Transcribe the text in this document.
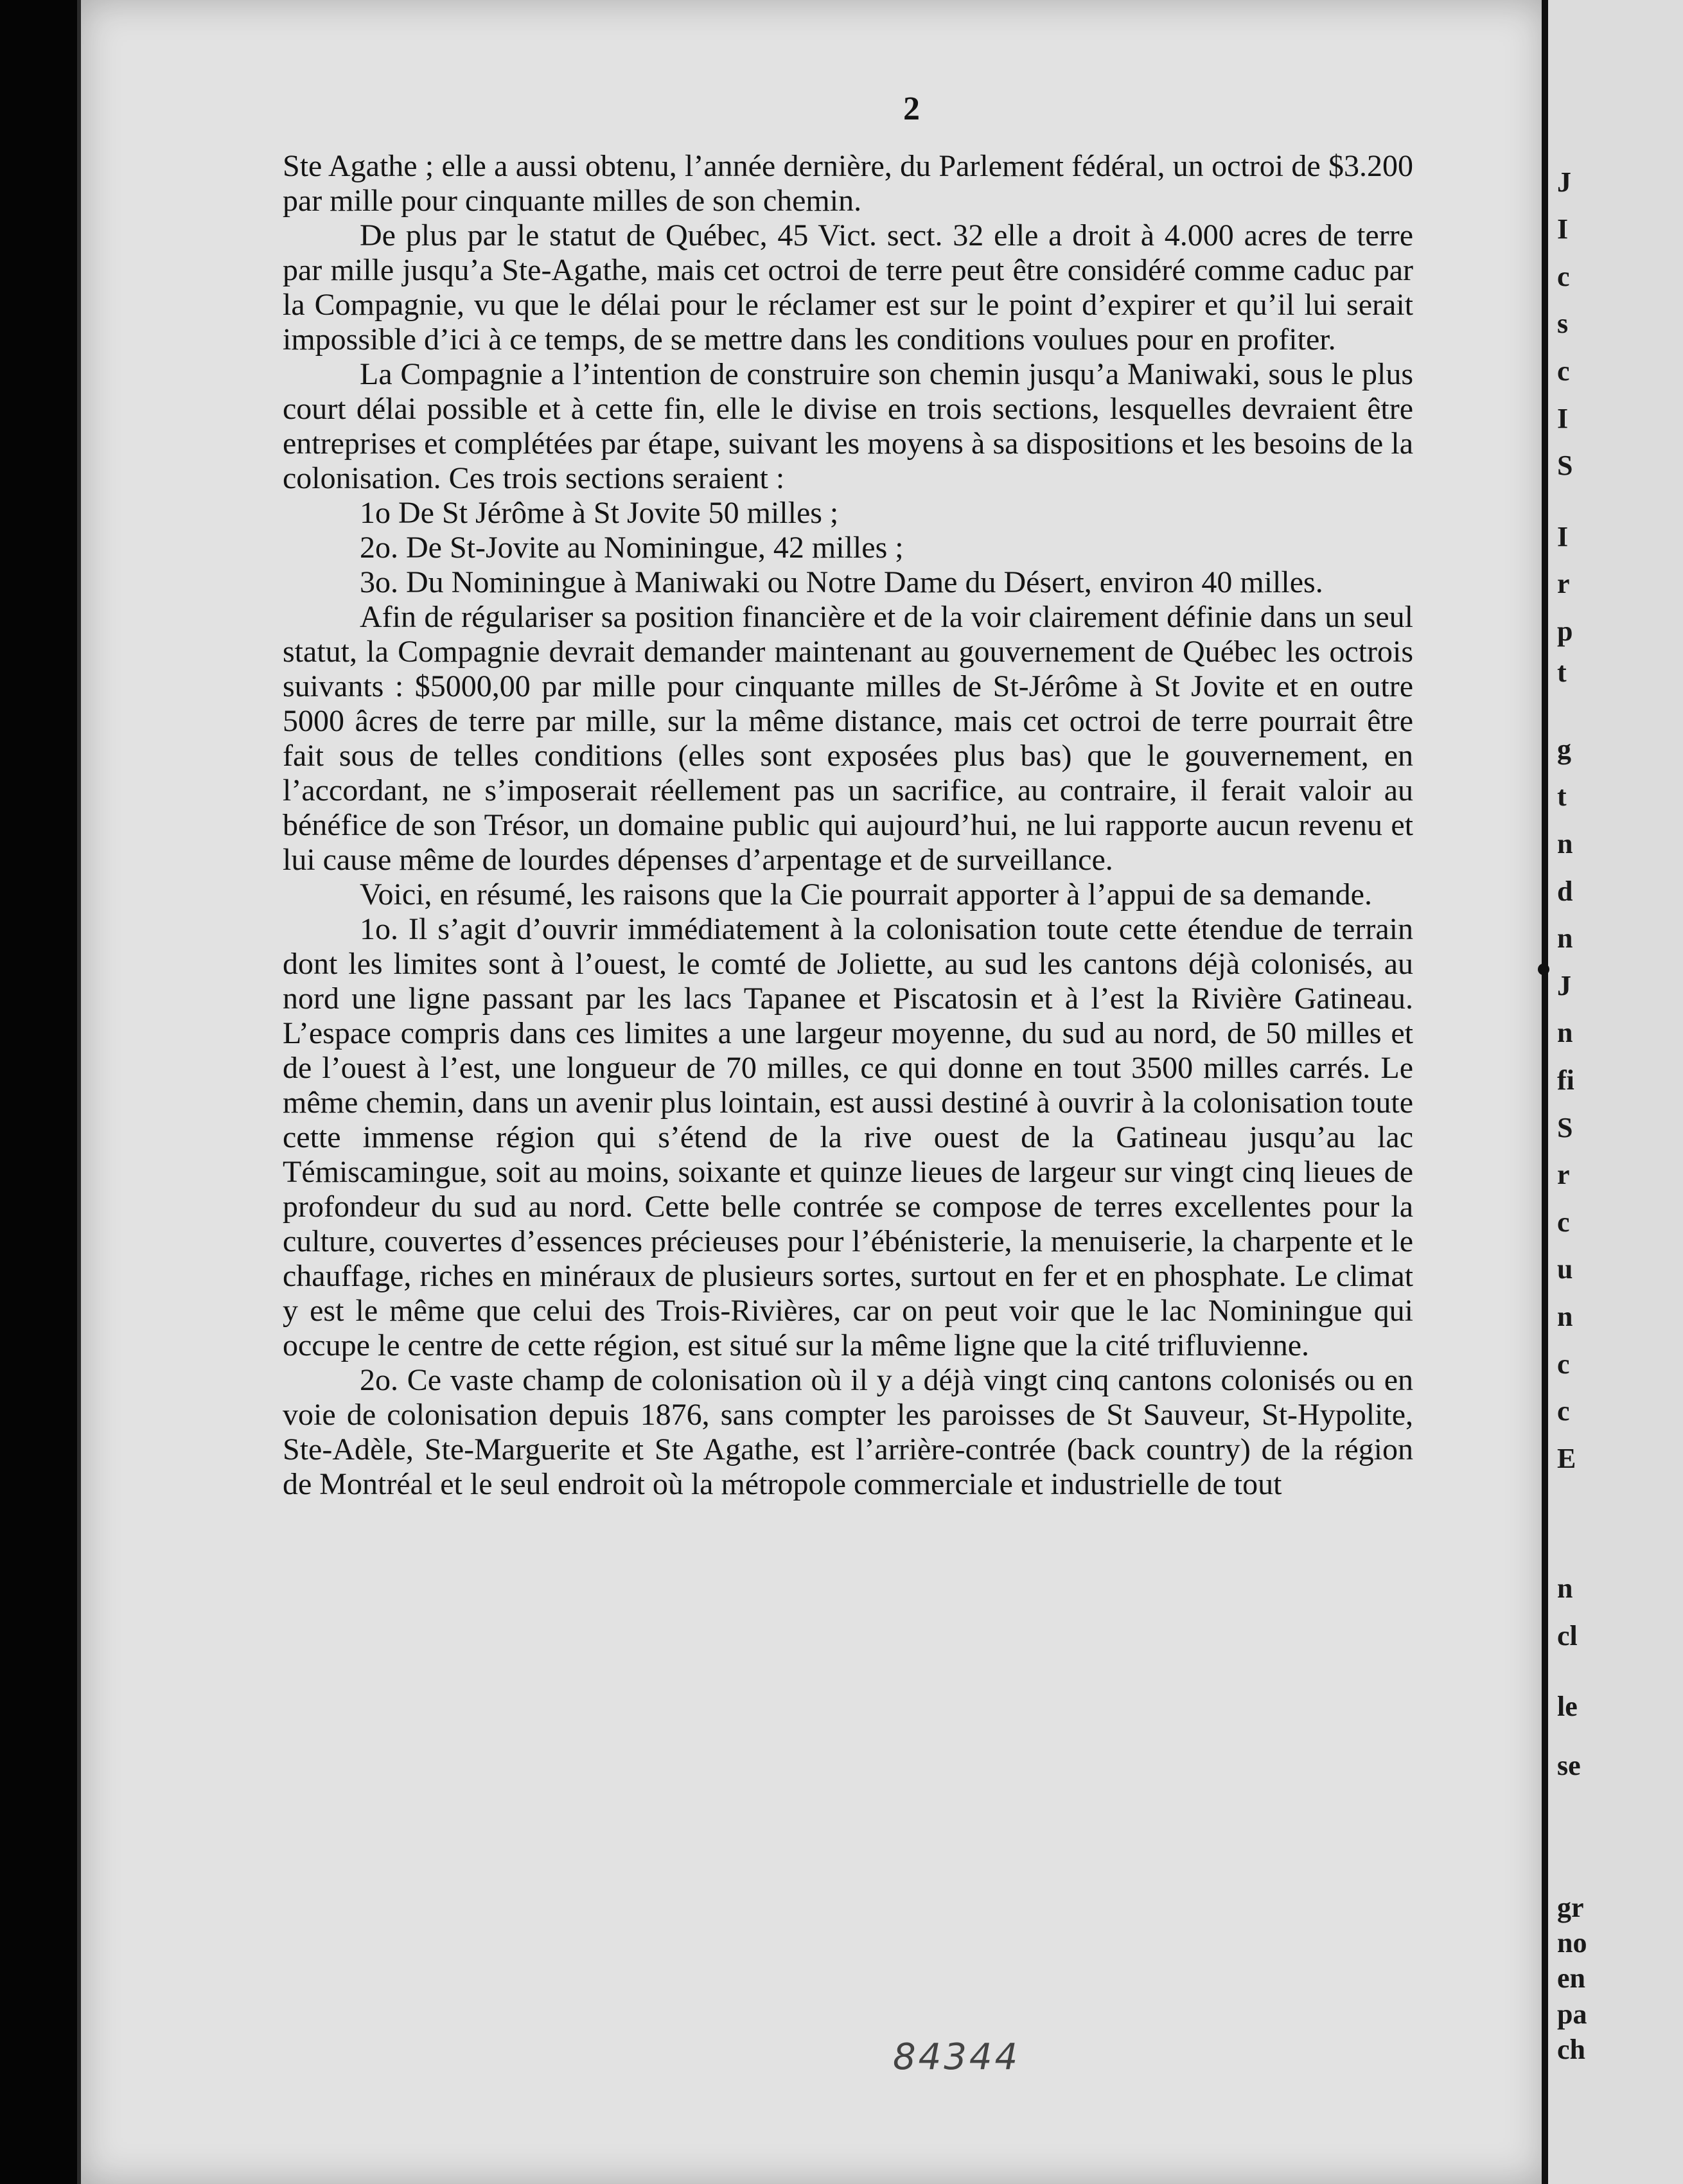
2

Ste Agathe ; elle a aussi obtenu, l’année dernière, du Parlement fédéral, un octroi de $3.200 par mille pour cinquante milles de son chemin.

De plus par le statut de Québec, 45 Vict. sect. 32 elle a droit à 4.000 acres de terre par mille jusqu’a Ste-Agathe, mais cet octroi de terre peut être considéré comme caduc par la Compagnie, vu que le délai pour le réclamer est sur le point d’expirer et qu’il lui serait impossible d’ici à ce temps, de se mettre dans les conditions voulues pour en profiter.

La Compagnie a l’intention de construire son chemin jusqu’a Maniwaki, sous le plus court délai possible et à cette fin, elle le divise en trois sections, lesquelles devraient être entreprises et complétées par étape, suivant les moyens à sa dispositions et les besoins de la colonisation. Ces trois sections seraient :

1o De St Jérôme à St Jovite 50 milles ;

2o. De St-Jovite au Nominingue, 42 milles ;

3o. Du Nominingue à Maniwaki ou Notre Dame du Désert, environ 40 milles.

Afin de régulariser sa position financière et de la voir clairement définie dans un seul statut, la Compagnie devrait demander maintenant au gouvernement de Québec les octrois suivants : $5000,00 par mille pour cinquante milles de St-Jérôme à St Jovite et en outre 5000 âcres de terre par mille, sur la même distance, mais cet octroi de terre pourrait être fait sous de telles conditions (elles sont exposées plus bas) que le gouvernement, en l’accordant, ne s’imposerait réellement pas un sacrifice, au contraire, il ferait valoir au bénéfice de son Trésor, un domaine public qui aujourd’hui, ne lui rapporte aucun revenu et lui cause même de lourdes dépenses d’arpentage et de surveillance.

Voici, en résumé, les raisons que la Cie pourrait apporter à l’appui de sa demande.

1o. Il s’agit d’ouvrir immédiatement à la colonisation toute cette étendue de terrain dont les limites sont à l’ouest, le comté de Joliette, au sud les cantons déjà colonisés, au nord une ligne passant par les lacs Tapanee et Piscatosin et à l’est la Rivière Gatineau. L’espace compris dans ces limites a une largeur moyenne, du sud au nord, de 50 milles et de l’ouest à l’est, une longueur de 70 milles, ce qui donne en tout 3500 milles carrés. Le même chemin, dans un avenir plus lointain, est aussi destiné à ouvrir à la colonisation toute cette immense région qui s’étend de la rive ouest de la Gatineau jusqu’au lac Témiscamingue, soit au moins, soixante et quinze lieues de largeur sur vingt cinq lieues de profondeur du sud au nord. Cette belle contrée se compose de terres excellentes pour la culture, couvertes d’essences précieuses pour l’ébénisterie, la menuiserie, la charpente et le chauffage, riches en minéraux de plusieurs sortes, surtout en fer et en phosphate. Le climat y est le même que celui des Trois-Rivières, car on peut voir que le lac Nominingue qui occupe le centre de cette région, est situé sur la même ligne que la cité trifluvienne.

2o. Ce vaste champ de colonisation où il y a déjà vingt cinq cantons colonisés ou en voie de colonisation depuis 1876, sans compter les paroisses de St Sauveur, St-Hypolite, Ste-Adèle, Ste-Marguerite et Ste Agathe, est l’arrière-contrée (back country) de la région de Montréal et le seul endroit où la métropole commerciale et industrielle de tout

J
I
c
s
c
I
S
I
r
p
t
g
t
n
d
n
J
n
fi
S
r
c
u
n
c
c
E
n
cl
le
se
gr
no
en
pa
ch
84344
